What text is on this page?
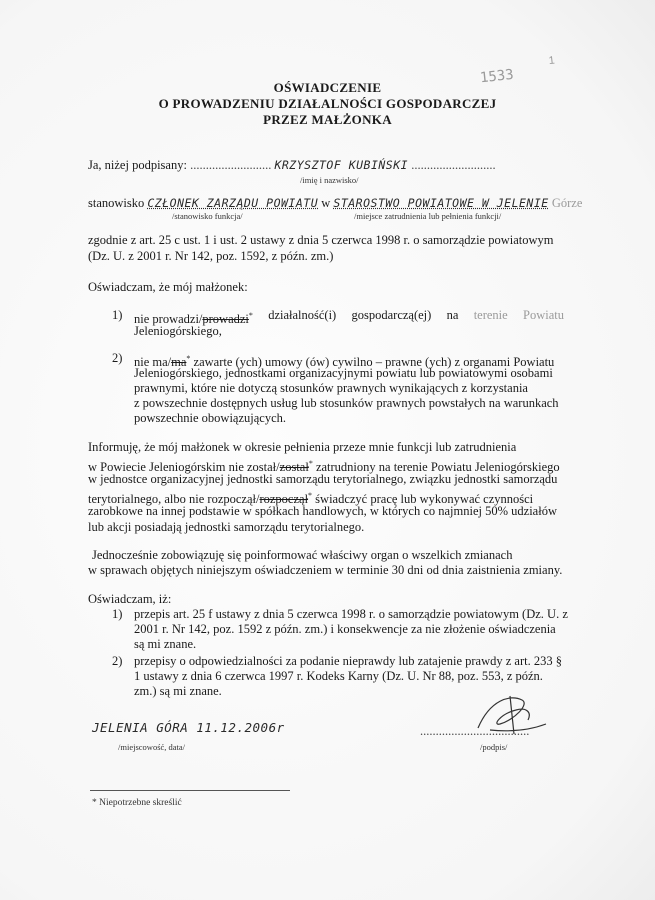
1
1533
OŚWIADCZENIE
O PROWADZENIU DZIAŁALNOŚCI GOSPODARCZEJ
PRZEZ MAŁŻONKA
Ja, niżej podpisany: .......................... KRZYSZTOF KUBIŃSKI ...........................
/imię i nazwisko/
stanowisko CZŁONEK ZARZĄDU POWIATU w STAROSTWO POWIATOWE W JELENIE Górze
/stanowisko funkcja/	/miejsce zatrudnienia lub pełnienia funkcji/
zgodnie z art. 25 c ust. 1 i ust. 2 ustawy z dnia 5 czerwca 1998 r. o samorządzie powiatowym
(Dz. U. z 2001 r. Nr 142, poz. 1592, z późn. zm.)
Oświadczam, że mój małżonek:
1) nie prowadzi/prowadzi* działalność(i) gospodarczą(ej) na terenie Powiatu
Jeleniogórskiego,
2) nie ma/ma* zawarte (ych) umowy (ów) cywilno – prawne (ych) z organami Powiatu
Jeleniogórskiego, jednostkami organizacyjnymi powiatu lub powiatowymi osobami
prawnymi, które nie dotyczą stosunków prawnych wynikających z korzystania
z powszechnie dostępnych usług lub stosunków prawnych powstałych na warunkach
powszechnie obowiązujących.
Informuję, że mój małżonek w okresie pełnienia przeze mnie funkcji lub zatrudnienia
w Powiecie Jeleniogórskim nie został/został* zatrudniony na terenie Powiatu Jeleniogórskiego
w jednostce organizacyjnej jednostki samorządu terytorialnego, związku jednostki samorządu
terytorialnego, albo nie rozpoczął/rozpoczął* świadczyć pracę lub wykonywać czynności
zarobkowe na innej podstawie w spółkach handlowych, w których co najmniej 50% udziałów
lub akcji posiadają jednostki samorządu terytorialnego.
Jednocześnie zobowiązuję się poinformować właściwy organ o wszelkich zmianach
w sprawach objętych niniejszym oświadczeniem w terminie 30 dni od dnia zaistnienia zmiany.
Oświadczam, iż:
1) przepis art. 25 f ustawy z dnia 5 czerwca 1998 r. o samorządzie powiatowym (Dz. U. z
2001 r. Nr 142, poz. 1592 z późn. zm.) i konsekwencje za nie złożenie oświadczenia
są mi znane.
2) przepisy o odpowiedzialności za podanie nieprawdy lub zatajenie prawdy z art. 233 §
1 ustawy z dnia 6 czerwca 1997 r. Kodeks Karny (Dz. U. Nr 88, poz. 553, z późn.
zm.) są mi znane.
JELENIA GÓRA 11.12.2006r
/miejscowość, data/
...................................
/podpis/
* Niepotrzebne skreślić
